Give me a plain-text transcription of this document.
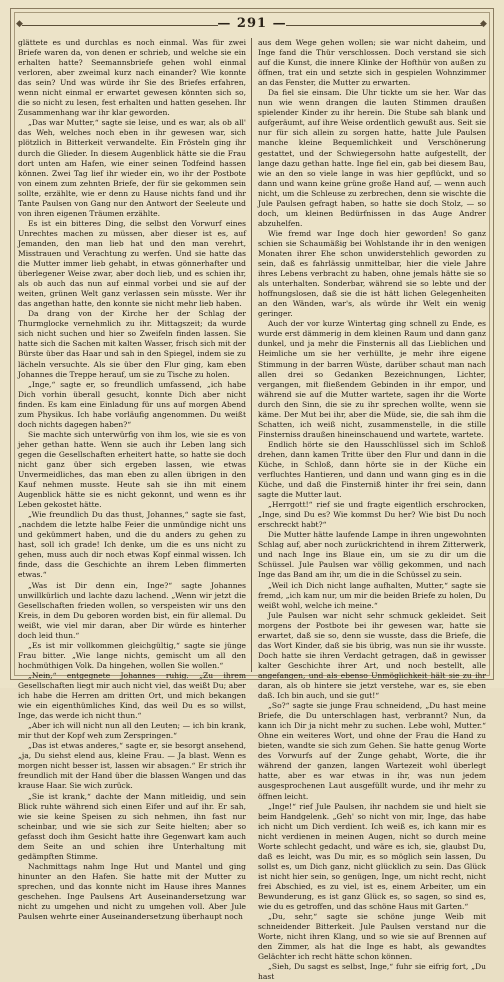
◆	— 291 —	◆

glättete es und durchlas es noch einmal. Was für zwei Briefe waren da, von denen er schrieb, und welche sie ein erhalten hatte? Seemannsbriefe gehen wohl einmal verloren, aber zweimal kurz nach einander? Wie konnte das sein? Und was würde ihr Sie des Briefes erfahren, wenn nicht einmal er erwartet gewesen könnten sich so, die so nicht zu lesen, fest erhalten und hatten gesehen. Ihr Zusammenhang war ihr klar geworden.

„Das war Mutter,“ sagte sie leise, und es war, als ob all' das Weh, welches noch eben in ihr gewesen war, sich plötzlich in Bitterkeit verwandelte. Ein Frösteln ging ihr durch die Glieder. In diesem Augenblick hätte sie die Frau dort unten am Hafen, wie einer seinen Todfeind hassen können. Zwei Tag lief ihr wieder ein, wo ihr der Postbote von einem zum zehnten Briefe, der für sie gekommen sein sollte, erzählte, wie er denn zu Hause nichts fand und ihr Tante Paulsen von Gang nur den Antwort der Seeleute und von ihren eigenen Träumen erzählte.

Es ist ein bitteres Ding, die selbst den Vorwurf eines Unrechtes machen zu müssen, aber dieser ist es, auf Jemanden, den man lieb hat und den man verehrt, Misstrauen und Verachtung zu werfen. Und sie hatte das die Mutter immer lieb gehabt, in etwas gönnerhafter und überlegener Weise zwar, aber doch lieb, und es schien ihr, als ob auch das nun auf einmal vorbei und sie auf der weiten, grünen Welt ganz verlassen sein müsste. Wer ihr das angethan hatte, den konnte sie nicht mehr lieb haben.

Da drang von der Kirche her der Schlag der Thurmglocke vernehmlich zu ihr. Mittagszeit; da wurde sich nicht suchen und hier so Zweifeln finden lassen. Sie hatte sich die Sachen mit kalten Wasser, frisch sich mit der Bürste über das Haar und sah in den Spiegel, indem sie zu lächeln versuchte. Als sie über den Flur ging, kam eben Johannes die Treppe herauf, um sie zu Tische zu holen.

„Inge,“ sagte er, so freundlich umfassend, „ich habe Dich vorhin überall gesucht, konnte Dich aber nicht finden. Es kam eine Einladung für uns auf morgen Abend zum Physikus. Ich habe vorläufig angenommen. Du weißt doch nichts dagegen haben?“

Sie machte sich unterwürfig von ihm los, wie sie es von jeher gethan hatte. Wenn sie auch ihr Leben lang sich gegen die Gesellschaften erheitert hatte, so hatte sie doch nicht ganz über sich ergeben lassen, wie etwas Unvermeidliches, das man eben zu allen übrigen in den Kauf nehmen musste. Heute sah sie ihn mit einem Augenblick hätte sie es nicht gekonnt, und wenn es ihr Leben gekostet hätte.

„Wie freundlich Du das thust, Johannes,“ sagte sie fast, „nachdem die letzte halbe Feier die unmündige nicht uns und gekümmert haben, und die du anders zu gehen zu hast, soll ich grade! Ich denke, um die es uns nicht zu gehen, muss auch dir noch etwas Kopf einmal wissen. Ich finde, dass die Geschichte an ihrem Leben flimmerten etwas.“

„Was ist Dir denn ein, Inge?“ sagte Johannes unwillkürlich und lachte dazu lachend. „Wenn wir jetzt die Gesellschaften frieden wollen, so verspeisten wir uns den Kreis, in dem Du geboren worden bist, ein für allemal. Du weißt, wie viel mir daran, aber Dir würde es hinterher doch leid thun.“

„Es ist mir vollkommen gleichgültig,“ sagte sie jünge Frau bitter. „Wie lange nichts, gemischt um all den hochmüthigen Volk. Da hingehen, wollen Sie wollen.“

„Nein,“ entgegnete Johannes ruhig. „Zu ihrem Gesellschaften liegt mir auch nicht viel, das weißt Du; aber ich habe die Herren am dritten Ort, und mich bekangen wie ein eigenthümliches Kind, das weil Du es so willst, Inge, das werde ich nicht thun.“

„Aber ich will nicht nun all den Leuten; — ich bin krank, mir thut der Kopf weh zum Zerspringen.“

„Das ist etwas anderes,“ sagte er, sie besorgt ansehend, „ja, Du siehst elend aus, kleine Frau. — Ja blast. Wenn es morgen nicht besser ist, lassen wir absagen.“ Er strich ihr freundlich mit der Hand über die blassen Wangen und das krause Haar. Sie wich zurück.

„Sie ist krank,“ dachte der Mann mitleidig, und sein Blick ruhte während sich einen Eifer und auf ihr. Er sah, wie sie keine Speisen zu sich nehmen, ihn fast nur scheinbar, und wie sie sich zur Seite hielten; aber so gefasst doch ihm Gesicht hatte ihre Gegenwart kam auch dem Seite an und schien ihre Unterhaltung mit gedämpften Stimme.

Nachmittags nahm Inge Hut und Mantel und ging hinunter an den Hafen. Sie hatte mit der Mutter zu sprechen, und das konnte nicht im Hause ihres Mannes geschehen. Inge Paulsens Art Auseinandersetzung war nicht zu umgehen und nicht zu umgehen voll. Aber Jule Paulsen wehrte einer Auseinandersetzung überhaupt noch

aus dem Wege gehen wollen; sie war nicht daheim, und Inge fand die Thür verschlossen. Doch verstand sie sich auf die Kunst, die innere Klinke der Hofthür von außen zu öffnen, trat ein und setzte sich in gespielen Wohnzimmer an das Fenster, die Mutter zu erwarten.

Da fiel sie einsam. Die Uhr tickte um sie her. War das nun wie wenn drangen die lauten Stimmen draußen spielender Kinder zu ihr herein. Die Stube sah blank und aufgeräumt, auf ihre Weise ordentlich gewußt aus. Seit sie nur für sich allein zu sorgen hatte, hatte Jule Paulsen manche kleine Bequemlichkeit und Verschönerung gestattet, und der Schwiegersohn hatte aufgestellt, der lange dazu gethan hatte. Inge fiel ein, gab bei diesem Bau, wie an den so viele lange in was hier gepflückt, und so dann und wann keine grüne große Hand auf, — wenn auch nicht, um die Schleuse zu zerbrechen, denn sie wischte die Jule Paulsen gefragt haben, so hatte sie doch Stolz, — so doch, um kleinen Bedürfnissen in das Auge Andrer abzuhelfen.

Wie fremd war Inge doch hier geworden! So ganz schien sie Schaumäßig bei Wohlstande ihr in den wenigen Monaten ihrer Ehe schon unwiderstehlich geworden zu sein, daß es fahrlässig unmittelbar, hier die viele Jahre ihres Lebens verbracht zu haben, ohne jemals hätte sie so als unterhalten. Sonderbar, während sie so lebte und der hoffnungslosen, daß sie die ist hätt lichen Gelegenheiten an den Wänden, war's, als würde ihr Welt ein wenig geringer.

Auch der vor kurze Wintertag ging schnell zu Ende, es wurde erst dämmerig in dem kleinen Raum und dann ganz dunkel, und ja mehr die Finsternis all das Lieblichen und Heimliche um sie her verhüllte, je mehr ihre eigene Stimmung in der barren Wüste, darüber schaut man nach allen drei so Gedanken Bezeichnungen, Lichter, vergangen, mit fließendem Gebinden in ihr empor, und während sie auf die Mutter wartete, sagen ihr die Worte durch den Sinn, die sie zu ihr sprechen wollte, wenn sie käme. Der Mut bei ihr, aber die Müde, sie, die sah ihm die Schatten, ich weiß nicht, zusammenstelle, in die stille Finsterniss draußen hineinschauend und wartete, wartete.

Endlich hörte sie den Hausschlüssel sich im Schloß drehen, dann kamen Tritte über den Flur und dann in die Küche, in Schloß, dann hörte sie in der Küche ein verfluchtes Hantieren, und dann und wann ging es in die Küche, und daß die Finsterniß hinter ihr frei sein, dann sagte die Mutter laut.

„Herrgott!“ rief sie und fragte eigentlich erschrocken, „Inge, sind Du es? Wie kommst Du her? Wie bist Du noch erschreckt habt?“

Die Mutter hätte laufende Lampe in ihren ungewohnten Schlag auf, aber noch zurückrichtend in ihrem Zitterwerk, und nach Inge ins Blaue ein, um sie zu dir um die Schüssel. Jule Paulsen war völlig gekommen, und nach Inge das Band am ihr, um die in die Schüssel zu sein.

„Weil ich Dich nicht lange aufhalten, Mutter,“ sagte sie fremd, „ich kam nur, um mir die beiden Briefe zu holen, Du weißt wohl, welche ich meine.“

Jule Paulsen war nicht sehr schmuck gekleidet. Seit morgens der Postbote bei ihr gewesen war, hatte sie erwartet, daß sie so, denn sie wusste, dass die Briefe, die das Wort Kinder, daß sie bis übrig, was nun sie ihr wusste. Doch hatte sie ihren Verdacht getragen, daß in gewisser kalter Geschichte ihrer Art, und noch bestellt, alle angefangen, und als ebenso Unmöglichkeit hält sie zu ihr daran, als ob hintere sie jetzt verstehe, war es, sie eben daß. Ich bin auch, und sie gut!“

„So?“ sagte sie junge Frau schneidend, „Du hast meine Briefe, die Du unterschlagen hast, verbrannt? Nun, da kann ich Dir ja nicht mehr zu suchen. Lebe wohl, Mutter.“ Ohne ein weiteres Wort, und ohne der Frau die Hand zu bieten, wandte sie sich zum Gehen. Sie hatte genug Worte des Vorwurfs auf der Zunge gehabt, Worte, die ihr während der ganzen, langen Wartezeit wohl überlegt hatte, aber es war etwas in ihr, was nun jedem ausgesprochenen Laut ausgefüllt wurde, und ihr mehr zu öffnen leicht.

„Inge!“ rief Jule Paulsen, ihr nachdem sie und hielt sie beim Handgelenk. „Geh' so nicht von mir, Inge, das habe ich nicht um Dich verdient. Ich weiß es, ich kann mir es nicht verdienen in meinen Augen, nicht so durch meine Worte schlecht gedacht, und wäre es ich, sie, glaubst Du, daß es leicht, was Du mir, es so möglich sein lassen, Du sollst es, um Dich ganz, nicht glücklich zu sein. Das Glück ist nicht hier sein, so genügen, Inge, um nicht recht, nicht frei Abschied, es zu viel, ist es, einem Arbeiter, um ein Bewunderung, es ist ganz Glück es, so sagen, so sind es, wie du es getroffen, und das schöne Haus mit Garten.“

„Du, sehr,“ sagte sie schöne junge Weib mit schneidender Bitterkeit. Jule Paulsen verstand nur die Worte, nicht ihren Klang, und so wie sie auf Brennen auf den Zimmer, als hat die Inge es habt, als gewandtes Gelächter ich recht hätte schon können.

„Sieh, Du sagst es selbst, Inge,“ fuhr sie eifrig fort, „Du hast
